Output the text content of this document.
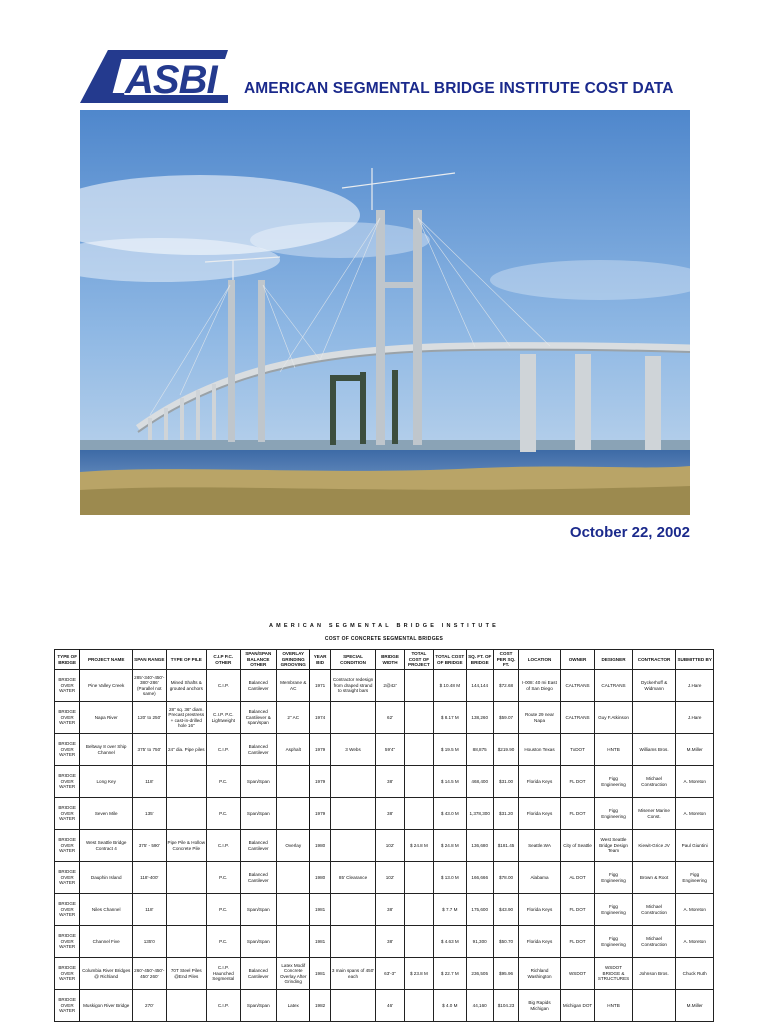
ASBI AMERICAN SEGMENTAL BRIDGE INSTITUTE COST DATA
October 22, 2002
AMERICAN SEGMENTAL BRIDGE INSTITUTE
COST OF CONCRETE SEGMENTAL BRIDGES
TYPE OF BRIDGE	PROJECT NAME	SPAN RANGE	TYPE OF PILE	C.I.P P.C. OTHER	SPAN/SPAN BALANCE OTHER	OVERLAY GRINDING GROOVING	YEAR BID	SPECIAL CONDITION	BRIDGE WIDTH	TOTAL COST OF PROJECT	TOTAL COST OF BRIDGE	SQ. FT. OF BRIDGE	COST PER SQ. FT.	LOCATION	OWNER	DESIGNER	CONTRACTOR	SUBMITTED BY
BRIDGE OVER WATER	Pine Valley Creek	285'-340'-450'-380'-286' (Parallel not same)	Mined Shafts & grouted anchors	C.I.P.	Balanced Cantilever	Membrane & AC	1971	Contractor redesign from draped strand to straight bars	2@42'		$ 10.48 M	144,144	$72.68	I-008: 40 mi East of San Diego	CALTRANS	CALTRANS	Dyckerhoff & Widmann	J.Hare
BRIDGE OVER WATER	Napa River	120' to 250'	28" sq. 36" diam. Precast prestress + cast-in-drilled hole 16"	C.I.P. P.C. Lightweight	Balanced Cantilever & span/span	2" AC	1974		62'		$ 8.17 M	138,260	$59.07	Route 29 near Napa	CALTRANS	Guy F.Atkinson		J.Hare
BRIDGE OVER WATER	Beltway 8 over Ship Channel	375' to 750'	24" dia. Pipe piles	C.I.P.	Balanced Cantilever	Asphalt	1979	3 Webs	59'4"		$ 19.5 M	88,875	$219.90	Houston Texas	TxDOT	HNTB	Williams Bros.	M.Miller
BRIDGE OVER WATER	Long Key	118'		P.C.	Span/Span		1979		38'		$ 14.5 M	468,400	$31.00	Florida Keys	FL DOT	Figg Engineering	Michael Construction	A. Moreton
BRIDGE OVER WATER	Seven Mile	135'		P.C.	Span/Span		1979		38'		$ 43.0 M	1,378,300	$31.20	Florida Keys	FL DOT	Figg Engineering	Misener Marine Const.	A. Moreton
BRIDGE OVER WATER	West Seattle Bridge Contract 4	375' - 590'	Pipe Pile & Hollow Concrete Pile	C.I.P.	Balanced Cantilever	Overlay	1980		102'	$ 24.8 M	$ 24.8 M	136,680	$181.45	Seattle.WA	City of Seattle	West Seattle Bridge Design Team	Kiewit-Grice JV	Paul Giuntini
BRIDGE OVER WATER	Dauphin Island	118'-400'		P.C.	Balanced Cantilever		1980	85' Clearance	102'		$ 13.0 M	166,666	$78.00	Alabama	AL DOT	Figg Engineering	Brown & Root	Figg Engineering
BRIDGE OVER WATER	Niles Channel	118'		P.C.	Span/Span		1981		38'		$ 7.7 M	175,600	$43.90	Florida Keys	FL DOT	Figg Engineering	Michael Construction	A. Moreton
BRIDGE OVER WATER	Channel Five	135'0		P.C.	Span/Span		1981		38'		$ 4.63 M	91,300	$50.70	Florida Keys	FL DOT	Figg Engineering	Michael Construction	A. Moreton
BRIDGE OVER WATER	Columbia River Bridges @ Richland	260'-450'-450'-450' 260'	70T Steel Piles @End Piles	C.I.P. Haunched Segmental	Balanced Cantilever	Latex Modif Concrete Overlay After Grinding	1981	3 main spans of 450' each	63'-3"	$ 23.8 M	$ 22.7 M	236,505	$95.96	Richland Washington	WSDOT	WSDOT BRIDGE & STRUCTURES	Johnson Bros.	Chuck Ruth
BRIDGE OVER WATER	Muskigon River Bridge	270'		C.I.P.	Span/Span	Latex	1982		46'		$ 4.0 M	44,160	$104.23	Big Rapids Michigan	Michigan DOT	HNTB		M.Miller
